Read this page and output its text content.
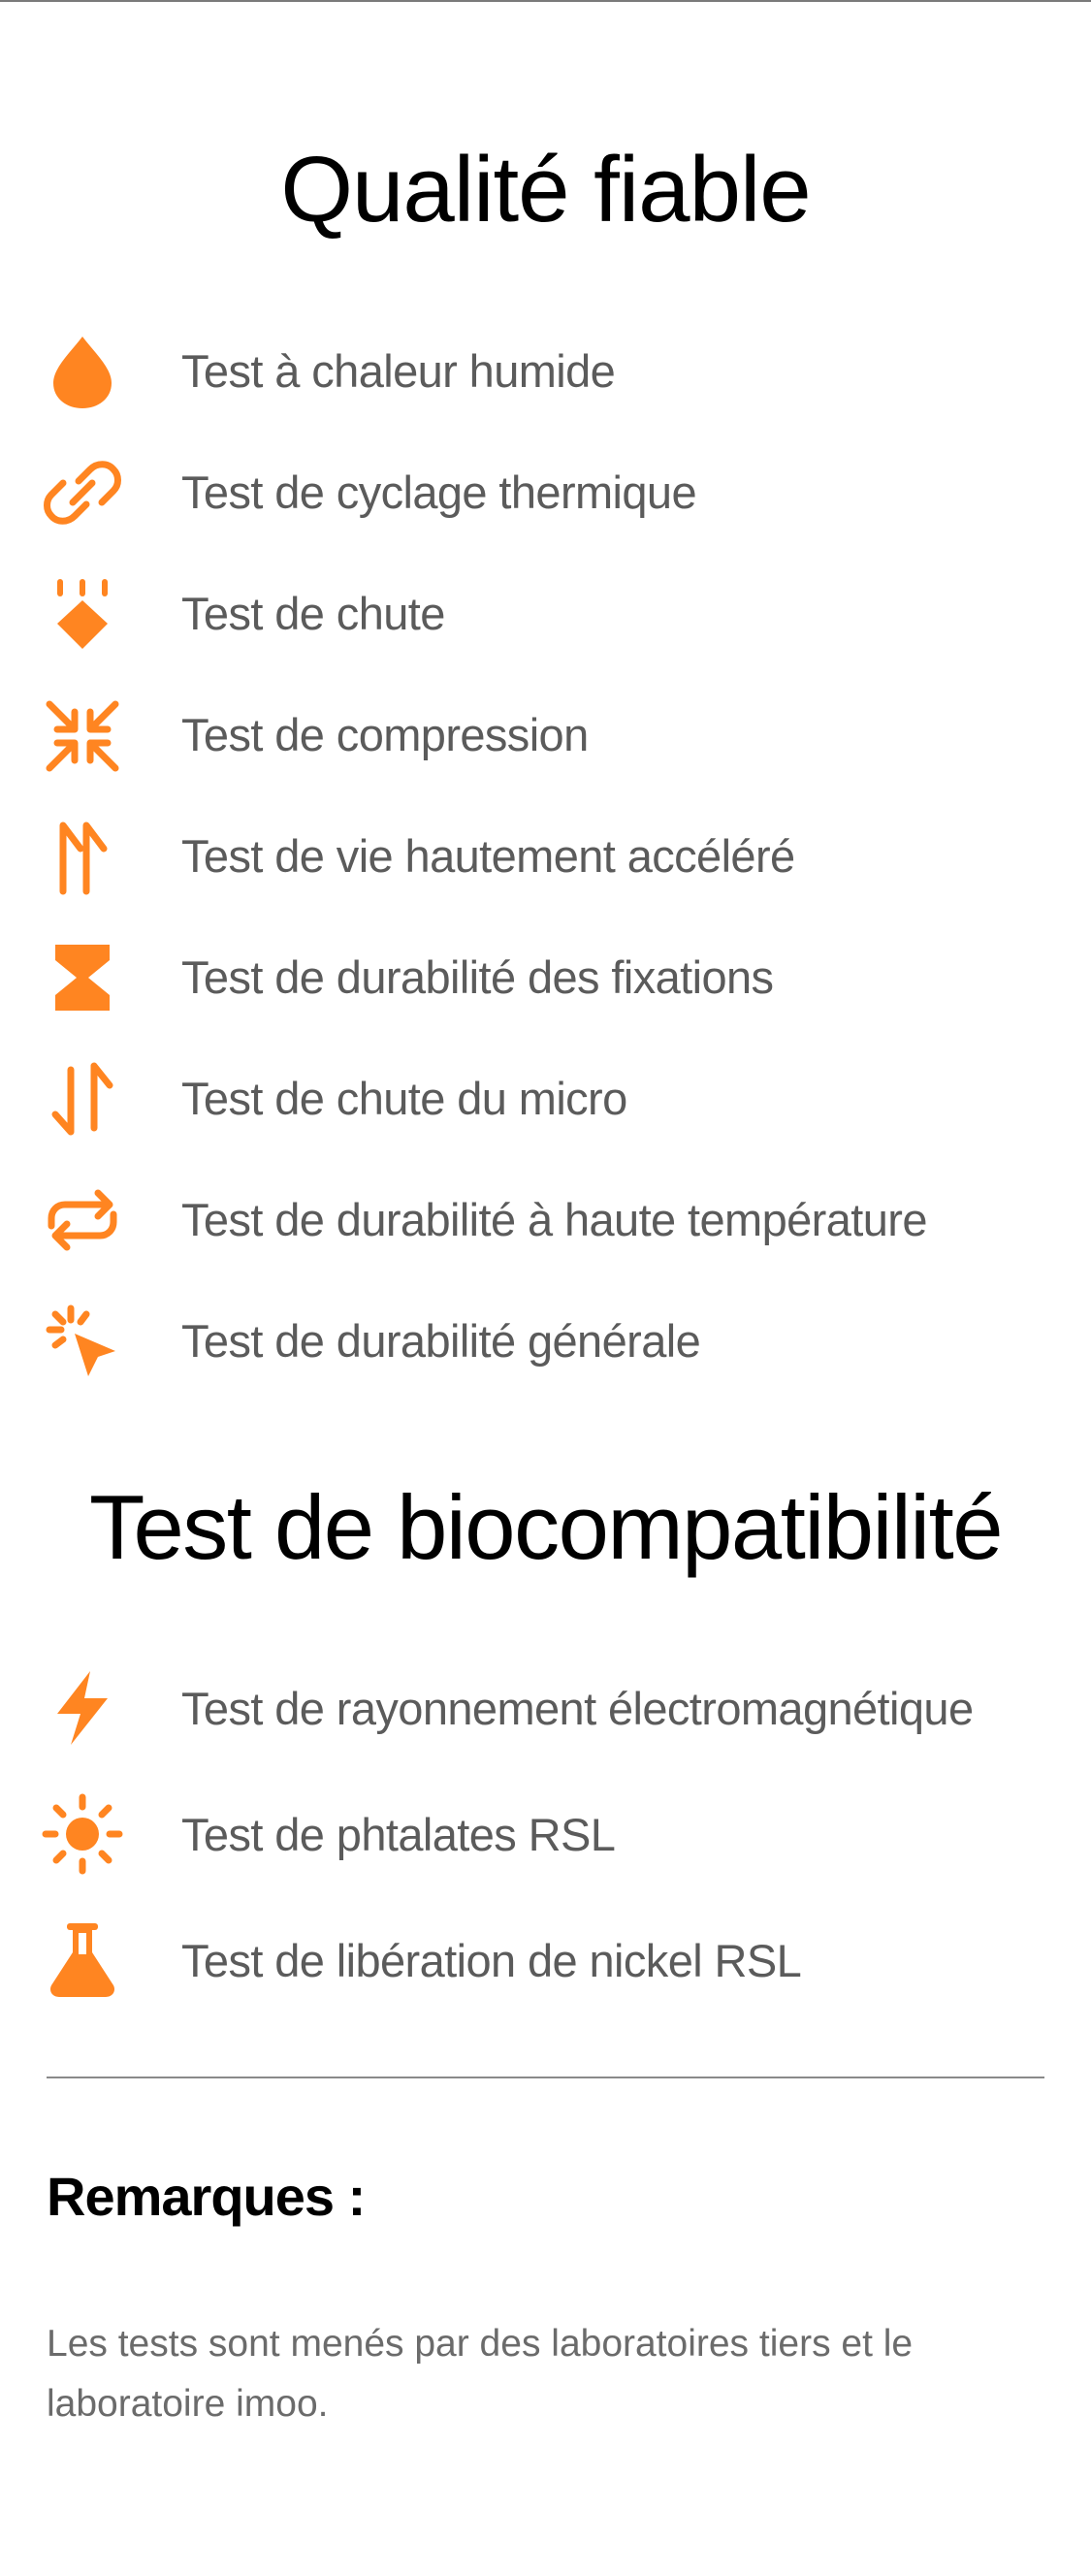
Qualité fiable
Test à chaleur humide
Test de cyclage thermique
Test de chute
Test de compression
Test de vie hautement accéléré
Test de durabilité des fixations
Test de chute du micro
Test de durabilité à haute température
Test de durabilité générale
Test de biocompatibilité
Test de rayonnement électromagnétique
Test de phtalates RSL
Test de libération de nickel RSL
Remarques :

Les tests sont menés par des laboratoires tiers et le laboratoire imoo.
